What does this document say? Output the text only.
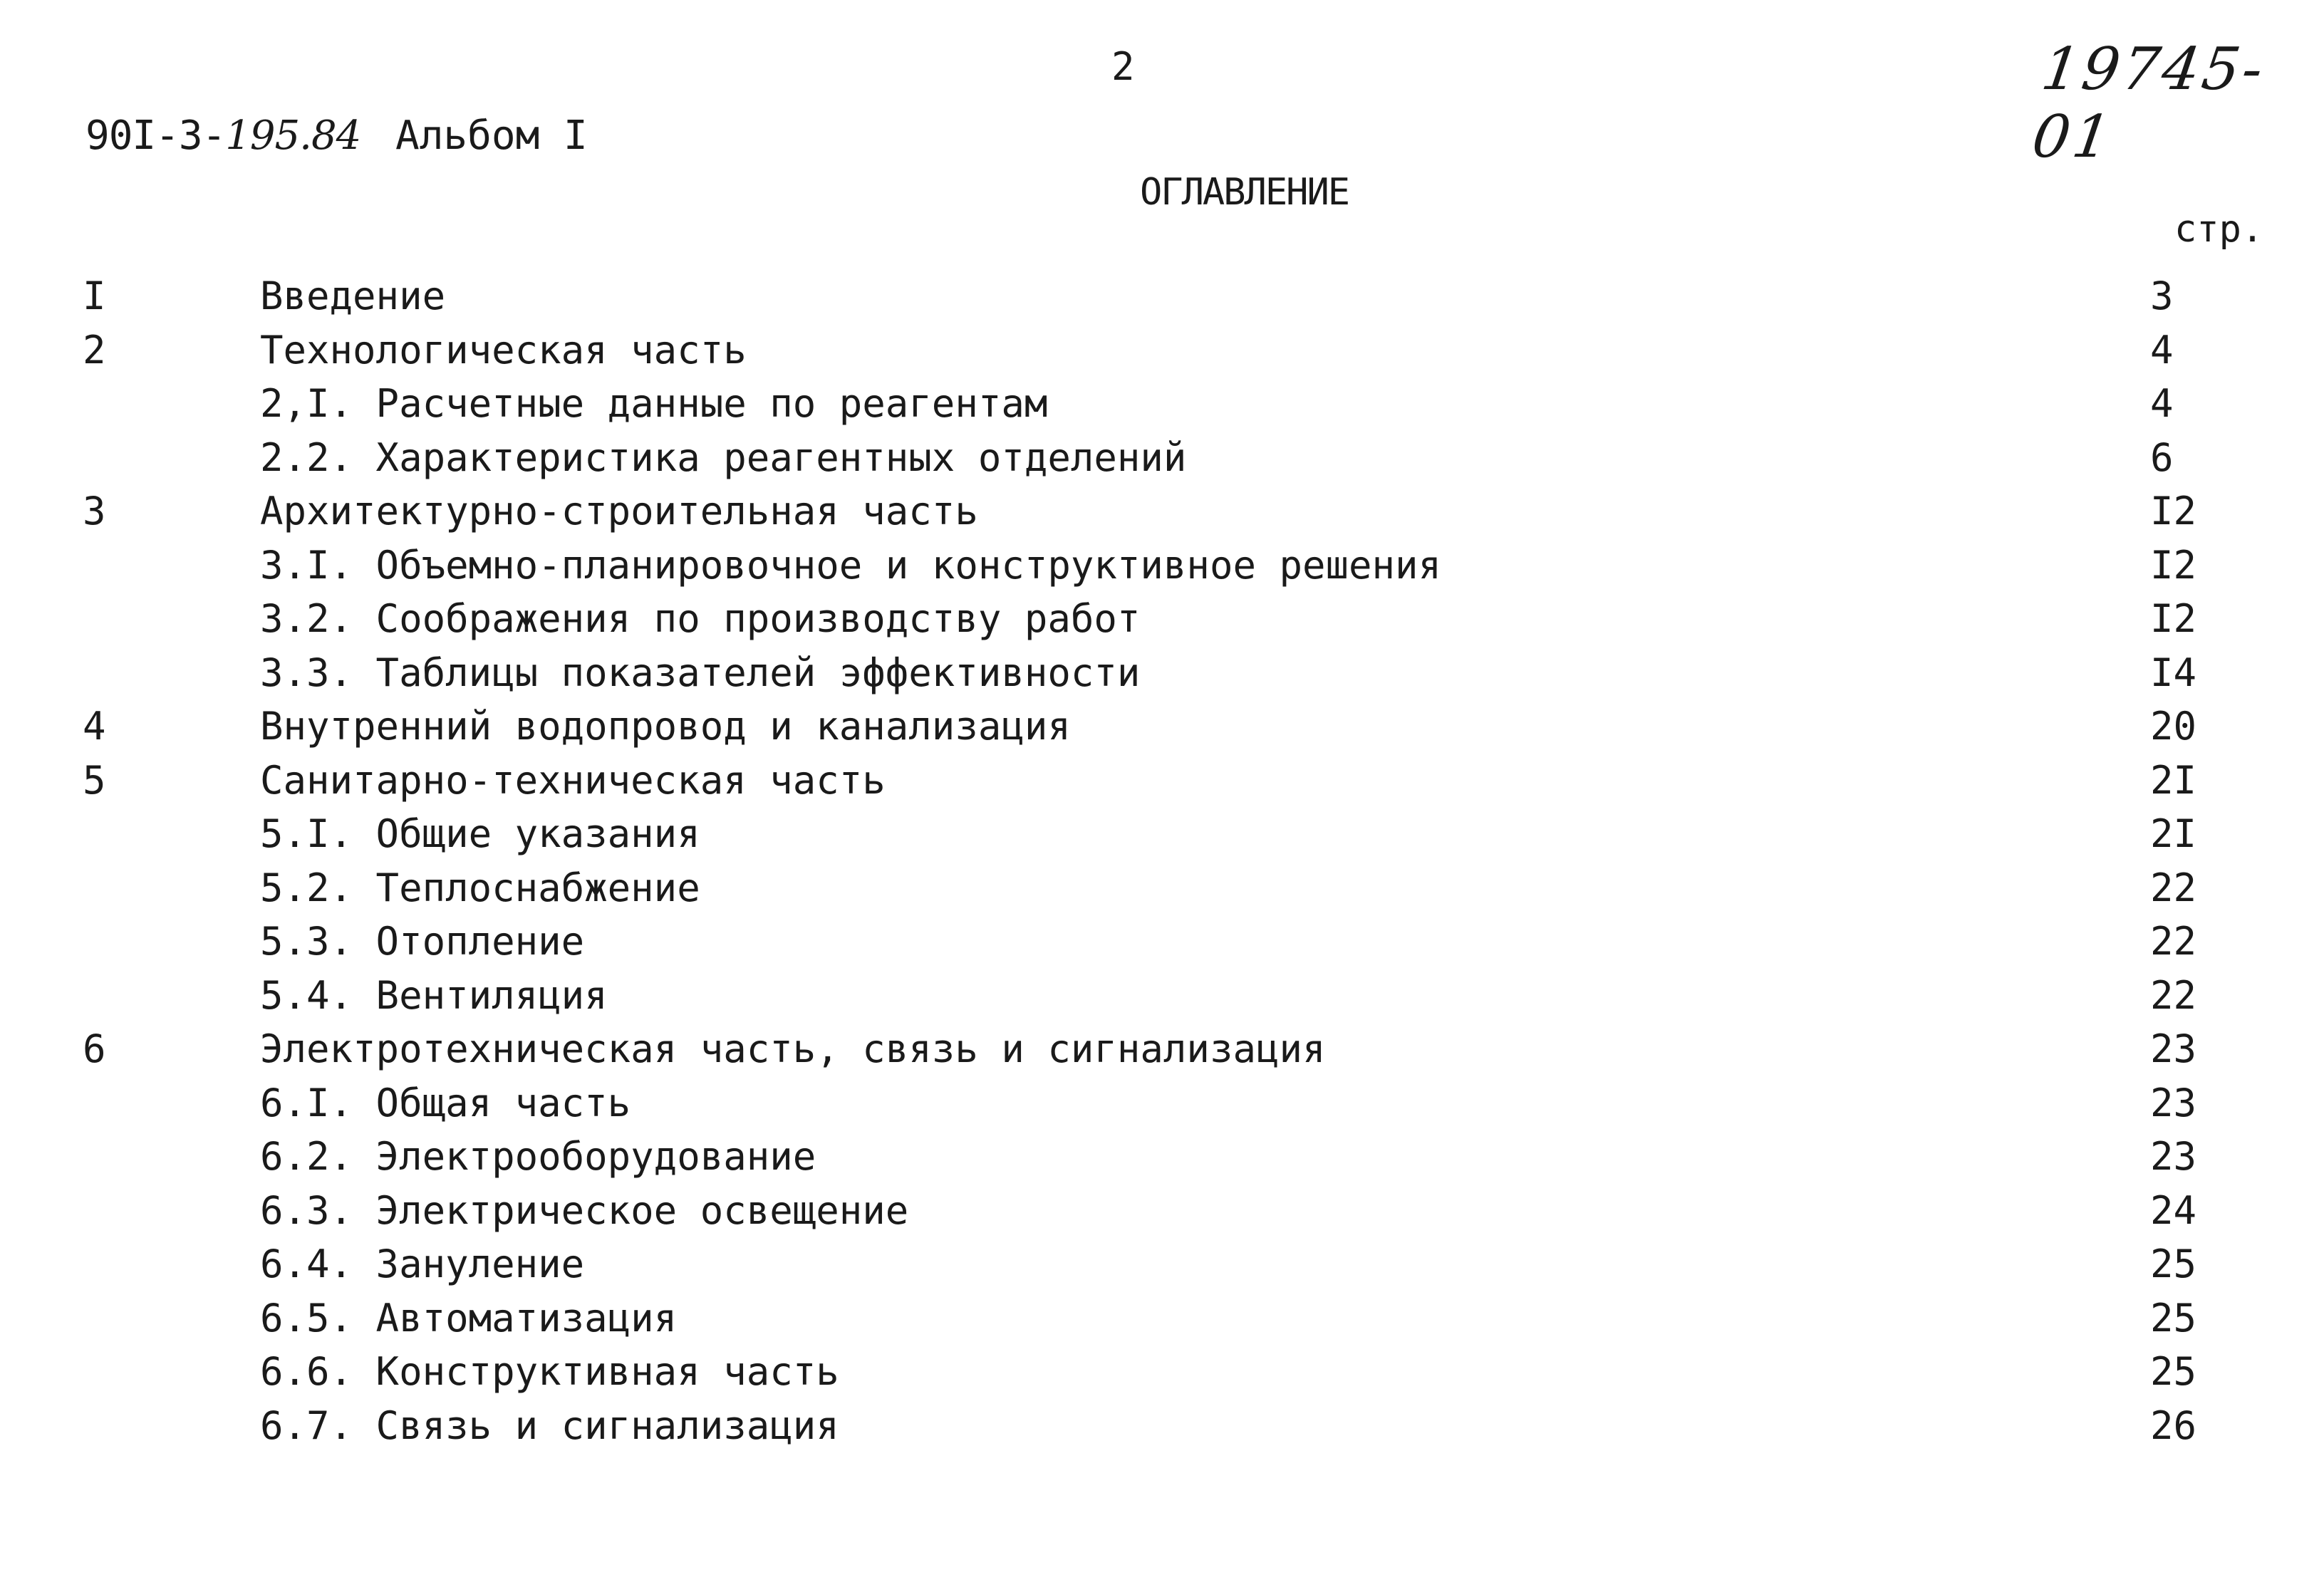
2	19745-01
90I-3-195.84 Альбом I
ОГЛАВЛЕНИЕ
стр.
I	Введение	3
2	Технологическая часть	4
2,I. Расчетные данные по реагентам	4
2.2. Характеристика реагентных отделений	6
3	Архитектурно-строительная часть	I2
3.I. Объемно-планировочное и конструктивное решения	I2
3.2. Соображения по производству работ	I2
3.3. Таблицы показателей эффективности	I4
4	Внутренний водопровод и канализация	20
5	Санитарно-техническая часть	2I
5.I. Общие указания	2I
5.2. Теплоснабжение	22
5.3. Отопление	22
5.4. Вентиляция	22
6	Электротехническая часть, связь и сигнализация	23
6.I. Общая часть	23
6.2. Электрооборудование	23
6.3. Электрическое освещение	24
6.4. Зануление	25
6.5. Автоматизация	25
6.6. Конструктивная часть	25
6.7. Связь и сигнализация	26
